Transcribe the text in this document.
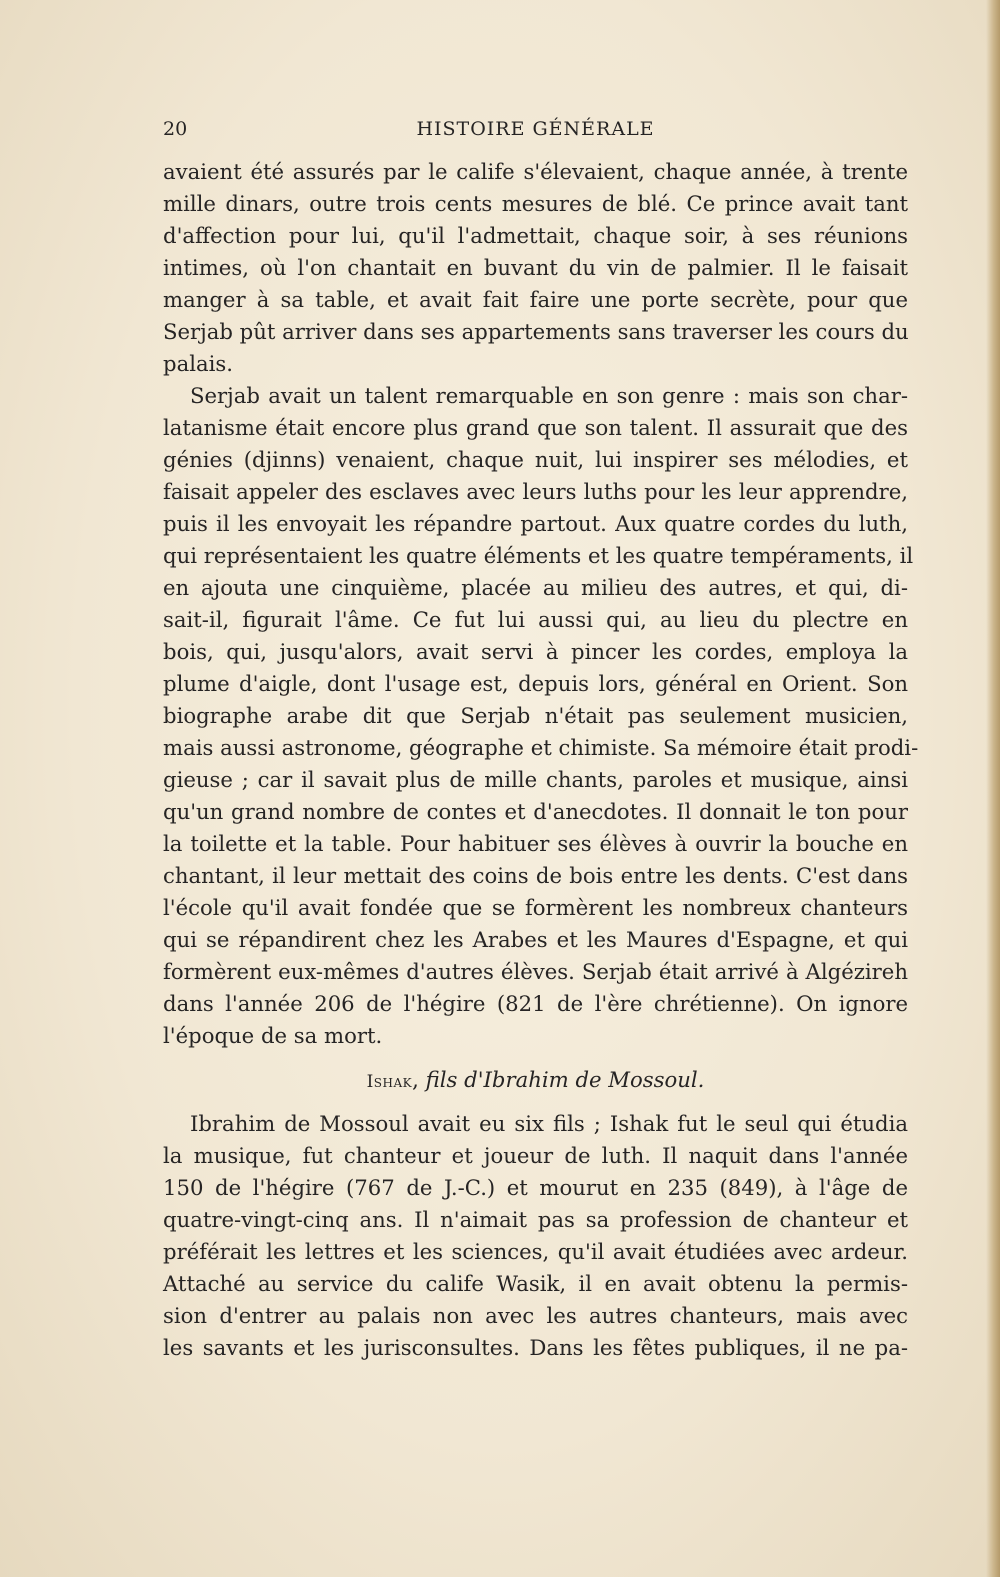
20	HISTOIRE GÉNÉRALE
avaient été assurés par le calife s'élevaient, chaque année, à trente
mille dinars, outre trois cents mesures de blé. Ce prince avait tant
d'affection pour lui, qu'il l'admettait, chaque soir, à ses réunions
intimes, où l'on chantait en buvant du vin de palmier. Il le faisait
manger à sa table, et avait fait faire une porte secrète, pour que
Serjab pût arriver dans ses appartements sans traverser les cours du
palais.
Serjab avait un talent remarquable en son genre : mais son char-
latanisme était encore plus grand que son talent. Il assurait que des
génies (djinns) venaient, chaque nuit, lui inspirer ses mélodies, et
faisait appeler des esclaves avec leurs luths pour les leur apprendre,
puis il les envoyait les répandre partout. Aux quatre cordes du luth,
qui représentaient les quatre éléments et les quatre tempéraments, il
en ajouta une cinquième, placée au milieu des autres, et qui, di-
sait-il, figurait l'âme. Ce fut lui aussi qui, au lieu du plectre en
bois, qui, jusqu'alors, avait servi à pincer les cordes, employa la
plume d'aigle, dont l'usage est, depuis lors, général en Orient. Son
biographe arabe dit que Serjab n'était pas seulement musicien,
mais aussi astronome, géographe et chimiste. Sa mémoire était prodi-
gieuse ; car il savait plus de mille chants, paroles et musique, ainsi
qu'un grand nombre de contes et d'anecdotes. Il donnait le ton pour
la toilette et la table. Pour habituer ses élèves à ouvrir la bouche en
chantant, il leur mettait des coins de bois entre les dents. C'est dans
l'école qu'il avait fondée que se formèrent les nombreux chanteurs
qui se répandirent chez les Arabes et les Maures d'Espagne, et qui
formèrent eux-mêmes d'autres élèves. Serjab était arrivé à Algézireh
dans l'année 206 de l'hégire (821 de l'ère chrétienne). On ignore
l'époque de sa mort.
Ishak, fils d'Ibrahim de Mossoul.
Ibrahim de Mossoul avait eu six fils ; Ishak fut le seul qui étudia
la musique, fut chanteur et joueur de luth. Il naquit dans l'année
150 de l'hégire (767 de J.-C.) et mourut en 235 (849), à l'âge de
quatre-vingt-cinq ans. Il n'aimait pas sa profession de chanteur et
préférait les lettres et les sciences, qu'il avait étudiées avec ardeur.
Attaché au service du calife Wasik, il en avait obtenu la permis-
sion d'entrer au palais non avec les autres chanteurs, mais avec
les savants et les jurisconsultes. Dans les fêtes publiques, il ne pa-
